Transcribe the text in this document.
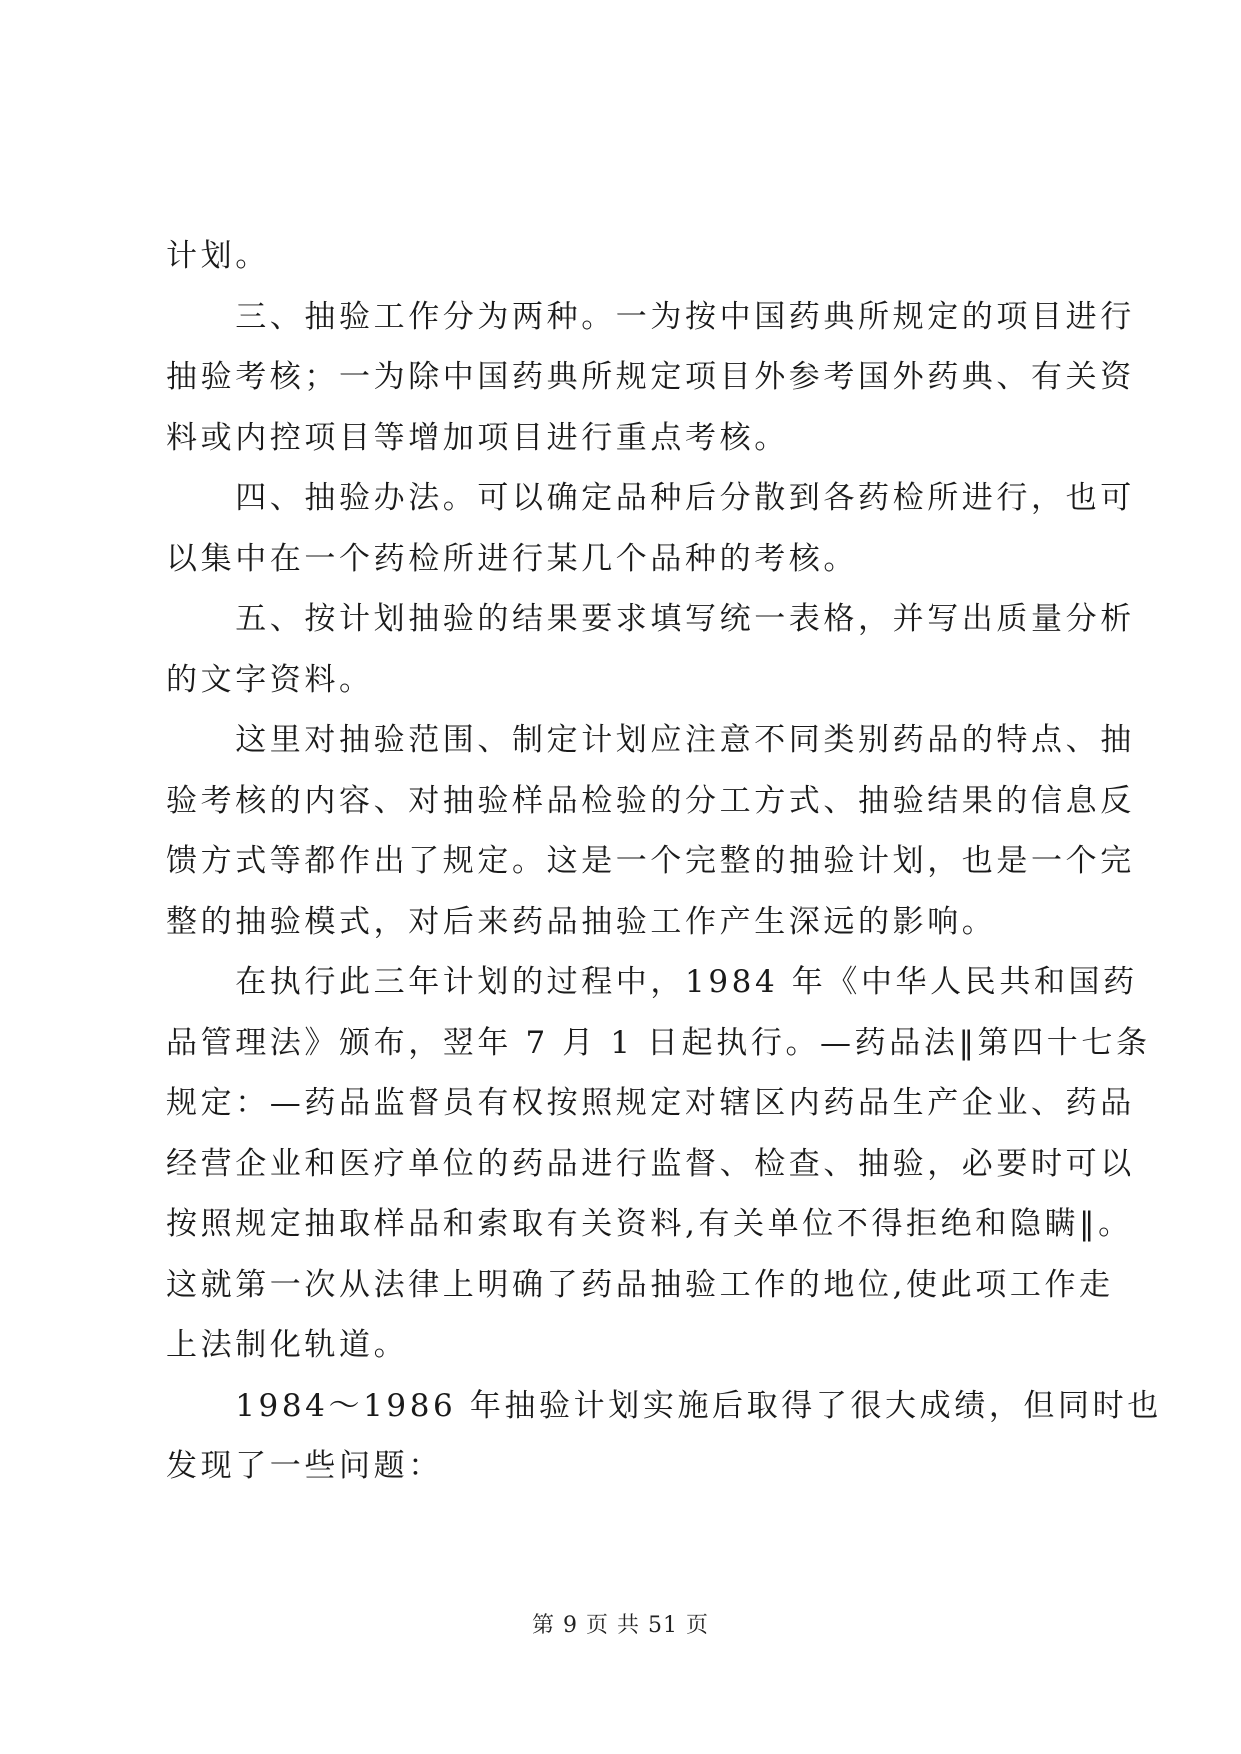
计划。
　　三、抽验工作分为两种。一为按中国药典所规定的项目进行
抽验考核；一为除中国药典所规定项目外参考国外药典、有关资
料或内控项目等增加项目进行重点考核。
　　四、抽验办法。可以确定品种后分散到各药检所进行，也可
以集中在一个药检所进行某几个品种的考核。
　　五、按计划抽验的结果要求填写统一表格，并写出质量分析
的文字资料。
　　这里对抽验范围、制定计划应注意不同类别药品的特点、抽
验考核的内容、对抽验样品检验的分工方式、抽验结果的信息反
馈方式等都作出了规定。这是一个完整的抽验计划，也是一个完
整的抽验模式，对后来药品抽验工作产生深远的影响。
　　在执行此三年计划的过程中，1984 年《中华人民共和国药
品管理法》颁布，翌年 7 月 1 日起执行。—药品法‖第四十七条
规定：—药品监督员有权按照规定对辖区内药品生产企业、药品
经营企业和医疗单位的药品进行监督、检查、抽验，必要时可以
按照规定抽取样品和索取有关资料,有关单位不得拒绝和隐瞒‖。
这就第一次从法律上明确了药品抽验工作的地位,使此项工作走
上法制化轨道。
　　1984～1986 年抽验计划实施后取得了很大成绩，但同时也
发现了一些问题：

第 9 页 共 51 页
